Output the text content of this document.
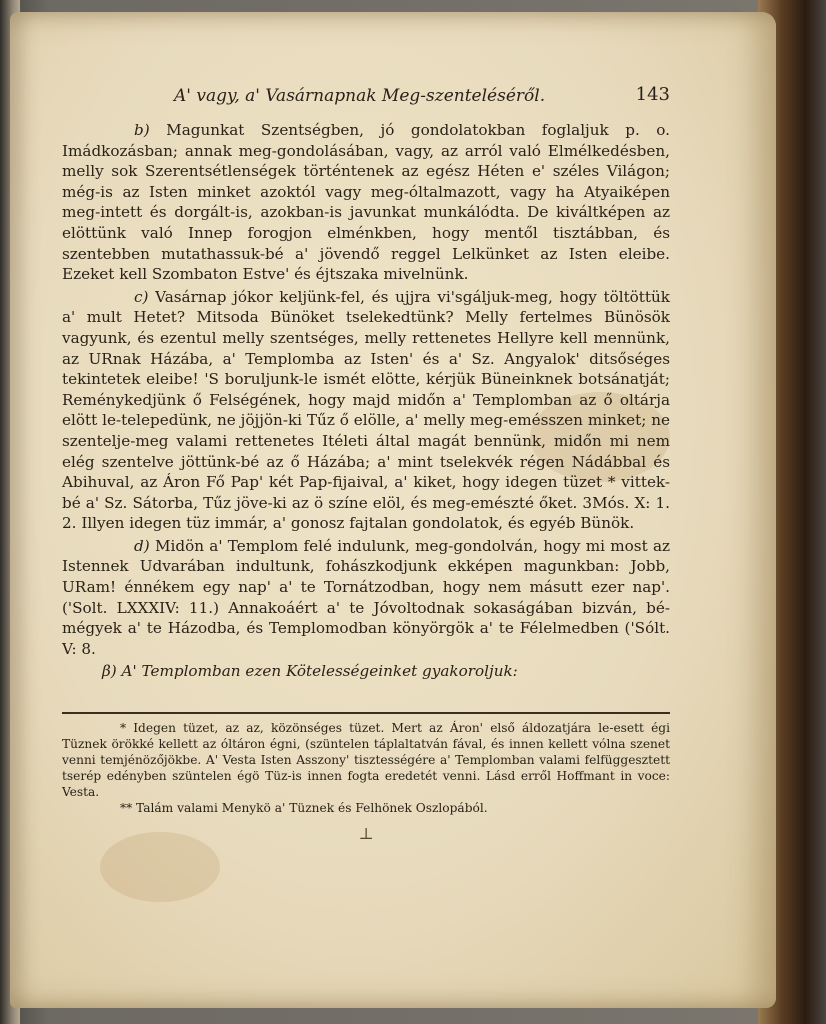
A' vagy, a' Vasárnapnak Meg-szenteléséről.	143

b) Magunkat Szentségben, jó gondolatokban foglaljuk p. o. Imádkozásban; annak meg-gondolásában, vagy, az arról való Elmélkedésben, melly sok Szerentsétlenségek történtenek az egész Héten e' széles Világon; még-is az Isten minket azoktól vagy meg-óltalmazott, vagy ha Atyaiképen meg-intett és dorgált-is, azokban-is javunkat munkálódta. De kiváltképen az elöttünk való Innep forogjon elménkben, hogy mentől tisztábban, és szentebben mutathassuk-bé a' jövendő reggel Lelkünket az Isten eleibe. Ezeket kell Szombaton Estve' és éjtszaka mivelnünk.

c) Vasárnap jókor keljünk-fel, és ujjra vi'sgáljuk-meg, hogy töltöttük a' mult Hetet? Mitsoda Bünöket tselekedtünk? Melly fertelmes Bünösök vagyunk, és ezentul melly szentséges, melly rettenetes Hellyre kell mennünk, az URnak Házába, a' Templomba az Isten' és a' Sz. Angyalok' ditsőséges tekintetek eleibe! 'S boruljunk-le ismét elötte, kérjük Büneinknek botsánatját; Reménykedjünk ő Felségének, hogy majd midőn a' Templomban az ő oltárja elött le-telepedünk, ne jöjjön-ki Tűz ő elölle, a' melly meg-emésszen minket; ne szentelje-meg valami rettenetes Itéleti által magát bennünk, midőn mi nem elég szentelve jöttünk-bé az ő Házába; a' mint tselekvék régen Nádábbal és Abihuval, az Áron Fő Pap' két Pap-fijaival, a' kiket, hogy idegen tüzet * vittek-bé a' Sz. Sátorba, Tűz jöve-ki az ö színe elöl, és meg-emészté őket. 3Mós. X: 1. 2. Illyen idegen tüz immár, a' gonosz fajtalan gondolatok, és egyéb Bünök.

d) Midön a' Templom felé indulunk, meg-gondolván, hogy mi most az Istennek Udvarában indultunk, fohászkodjunk ekképen magunkban: Jobb, URam! énnékem egy nap' a' te Tornátzodban, hogy nem másutt ezer nap'. ('Solt. LXXXIV: 11.) Annakoáért a' te Jóvoltodnak sokaságában bizván, bé-mégyek a' te Házodba, és Templomodban könyörgök a' te Félelmedben ('Sólt. V: 8.

β) A' Templomban ezen Kötelességeinket gyakoroljuk:

* Idegen tüzet, az az, közönséges tüzet. Mert az Áron' első áldozatjára le-esett égi Tüznek örökké kellett az óltáron égni, (szüntelen táplaltatván fával, és innen kellett vólna szenet venni temjénözőjökbe. A' Vesta Isten Asszony' tisztességére a' Templomban valami felfüggesztett tserép edényben szüntelen égö Tüz-is innen fogta eredetét venni. Lásd erről Hoffmant in voce: Vesta.

** Talám valami Menykö a' Tüznek és Felhönek Oszlopából.

⊥
